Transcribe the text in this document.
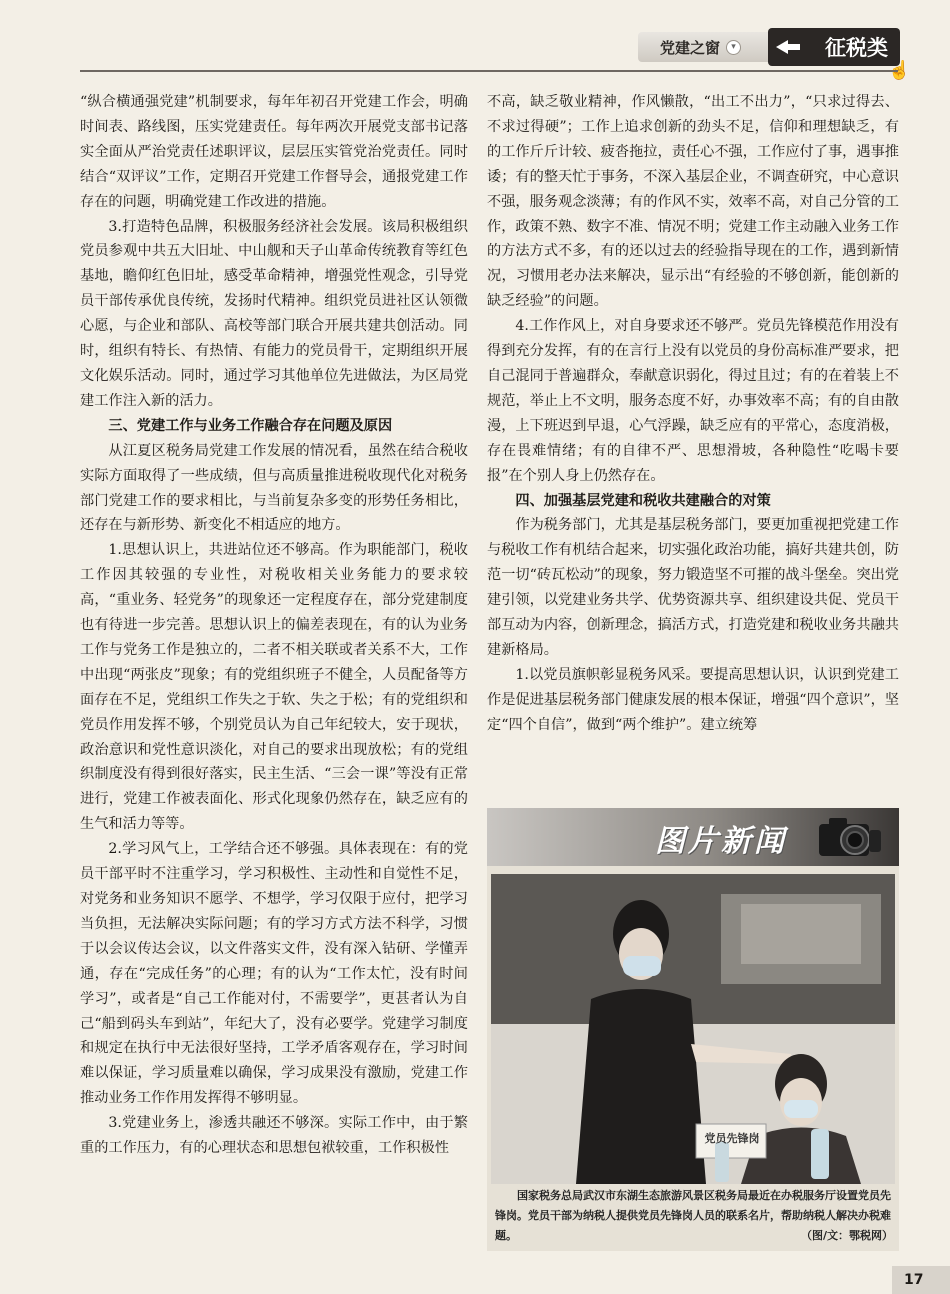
党建之窗	▾	征税类
☝

“纵合横通强党建”机制要求，每年年初召开党建工作会，明确时间表、路线图，压实党建责任。每年两次开展党支部书记落实全面从严治党责任述职评议，层层压实管党治党责任。同时结合“双评议”工作，定期召开党建工作督导会，通报党建工作存在的问题，明确党建工作改进的措施。

3.打造特色品牌，积极服务经济社会发展。该局积极组织党员参观中共五大旧址、中山舰和天子山革命传统教育等红色基地，瞻仰红色旧址，感受革命精神，增强党性观念，引导党员干部传承优良传统，发扬时代精神。组织党员进社区认领微心愿，与企业和部队、高校等部门联合开展共建共创活动。同时，组织有特长、有热情、有能力的党员骨干，定期组织开展文化娱乐活动。同时，通过学习其他单位先进做法，为区局党建工作注入新的活力。

三、党建工作与业务工作融合存在问题及原因

从江夏区税务局党建工作发展的情况看，虽然在结合税收实际方面取得了一些成绩，但与高质量推进税收现代化对税务部门党建工作的要求相比，与当前复杂多变的形势任务相比，还存在与新形势、新变化不相适应的地方。

1.思想认识上，共进站位还不够高。作为职能部门，税收工作因其较强的专业性，对税收相关业务能力的要求较高，“重业务、轻党务”的现象还一定程度存在，部分党建制度也有待进一步完善。思想认识上的偏差表现在，有的认为业务工作与党务工作是独立的，二者不相关联或者关系不大，工作中出现“两张皮”现象；有的党组织班子不健全，人员配备等方面存在不足，党组织工作失之于软、失之于松；有的党组织和党员作用发挥不够，个别党员认为自己年纪较大，安于现状，政治意识和党性意识淡化，对自己的要求出现放松；有的党组织制度没有得到很好落实，民主生活、“三会一课”等没有正常进行，党建工作被表面化、形式化现象仍然存在，缺乏应有的生气和活力等等。

2.学习风气上，工学结合还不够强。具体表现在：有的党员干部平时不注重学习，学习积极性、主动性和自觉性不足，对党务和业务知识不愿学、不想学，学习仅限于应付，把学习当负担，无法解决实际问题；有的学习方式方法不科学，习惯于以会议传达会议，以文件落实文件，没有深入钻研、学懂弄通，存在“完成任务”的心理；有的认为“工作太忙，没有时间学习”，或者是“自己工作能对付，不需要学”，更甚者认为自己“船到码头车到站”，年纪大了，没有必要学。党建学习制度和规定在执行中无法很好坚持，工学矛盾客观存在，学习时间难以保证，学习质量难以确保，学习成果没有激励，党建工作推动业务工作作用发挥得不够明显。

3.党建业务上，渗透共融还不够深。实际工作中，由于繁重的工作压力，有的心理状态和思想包袱较重，工作积极性

不高，缺乏敬业精神，作风懒散，“出工不出力”，“只求过得去、不求过得硬”；工作上追求创新的劲头不足，信仰和理想缺乏，有的工作斤斤计较、疲沓拖拉，责任心不强，工作应付了事，遇事推诿；有的整天忙于事务，不深入基层企业，不调查研究，中心意识不强，服务观念淡薄；有的作风不实，效率不高，对自己分管的工作，政策不熟、数字不准、情况不明；党建工作主动融入业务工作的方法方式不多，有的还以过去的经验指导现在的工作，遇到新情况，习惯用老办法来解决，显示出“有经验的不够创新，能创新的缺乏经验”的问题。

4.工作作风上，对自身要求还不够严。党员先锋模范作用没有得到充分发挥，有的在言行上没有以党员的身份高标准严要求，把自己混同于普遍群众，奉献意识弱化，得过且过；有的在着装上不规范，举止上不文明，服务态度不好，办事效率不高；有的自由散漫，上下班迟到早退，心气浮躁，缺乏应有的平常心，态度消极，存在畏难情绪；有的自律不严、思想滑坡，各种隐性“吃喝卡要报”在个别人身上仍然存在。

四、加强基层党建和税收共建融合的对策

作为税务部门，尤其是基层税务部门，要更加重视把党建工作与税收工作有机结合起来，切实强化政治功能，搞好共建共创，防范一切“砖瓦松动”的现象，努力锻造坚不可摧的战斗堡垒。突出党建引领，以党建业务共学、优势资源共享、组织建设共促、党员干部互动为内容，创新理念，搞活方式，打造党建和税收业务共融共建新格局。

1.以党员旗帜彰显税务风采。要提高思想认识，认识到党建工作是促进基层税务部门健康发展的根本保证，增强“四个意识”，坚定“四个自信”，做到“两个维护”。建立统筹

图片新闻
党员先锋岗

国家税务总局武汉市东湖生态旅游风景区税务局最近在办税服务厅设置党员先锋岗。党员干部为纳税人提供党员先锋岗人员的联系名片，帮助纳税人解决办税难题。	（图/文：鄂税网）

17
